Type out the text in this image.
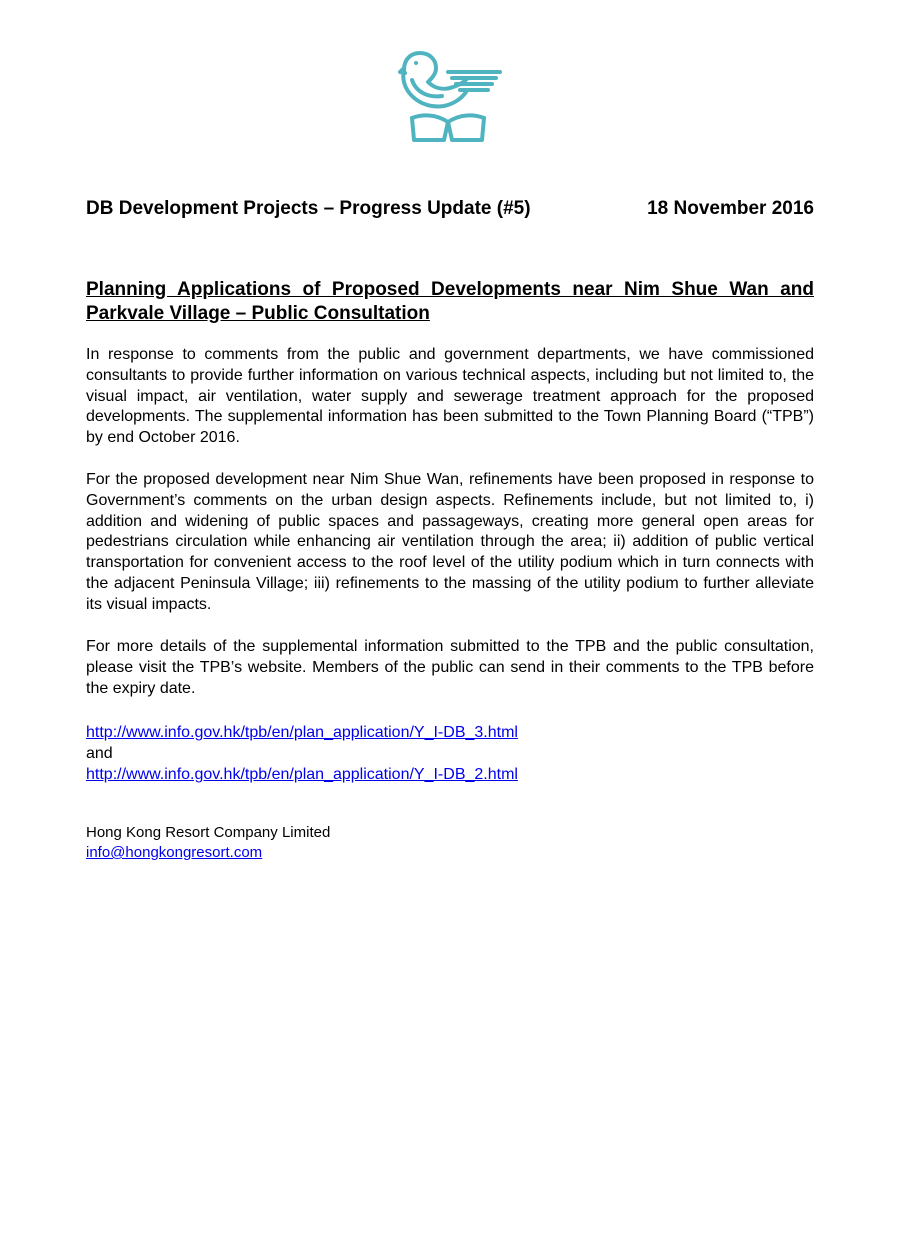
DB Development Projects – Progress Update (#5)	18 November 2016
Planning Applications of Proposed Developments near Nim Shue Wan and Parkvale Village – Public Consultation

In response to comments from the public and government departments, we have commissioned consultants to provide further information on various technical aspects, including but not limited to, the visual impact, air ventilation, water supply and sewerage treatment approach for the proposed developments. The supplemental information has been submitted to the Town Planning Board (“TPB”) by end October 2016.

For the proposed development near Nim Shue Wan, refinements have been proposed in response to Government’s comments on the urban design aspects. Refinements include, but not limited to, i) addition and widening of public spaces and passageways, creating more general open areas for pedestrians circulation while enhancing air ventilation through the area; ii) addition of public vertical transportation for convenient access to the roof level of the utility podium which in turn connects with the adjacent Peninsula Village; iii) refinements to the massing of the utility podium to further alleviate its visual impacts.

For more details of the supplemental information submitted to the TPB and the public consultation, please visit the TPB’s website. Members of the public can send in their comments to the TPB before the expiry date.

http://www.info.gov.hk/tpb/en/plan_application/Y_I-DB_3.html
and
http://www.info.gov.hk/tpb/en/plan_application/Y_I-DB_2.html
Hong Kong Resort Company Limited
info@hongkongresort.com
